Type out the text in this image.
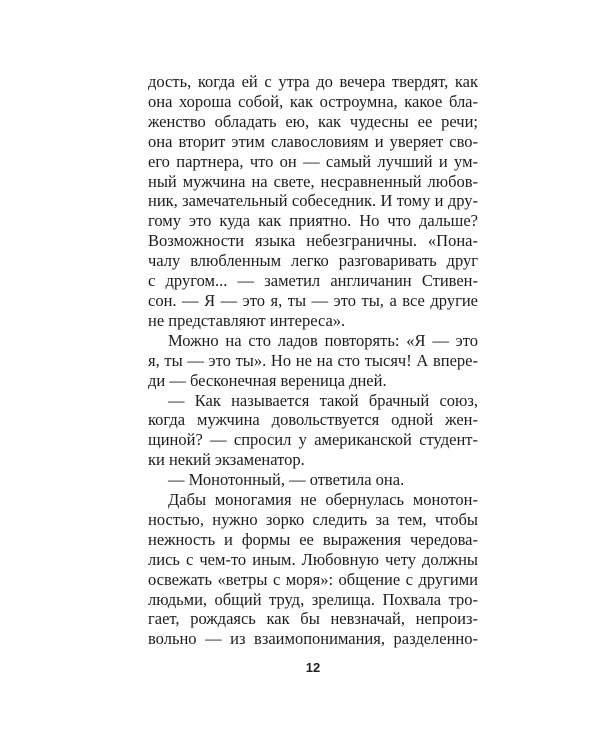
дость, когда ей с утра до вечера твердят, как
она хороша собой, как остроумна, какое бла-
женство обладать ею, как чудесны ее речи;
она вторит этим славословиям и уверяет сво-
его партнера, что он — самый лучший и ум-
ный мужчина на свете, несравненный любов-
ник, замечательный собеседник. И тому и дру-
гому это куда как приятно. Но что дальше?
Возможности языка небезграничны. «Пона-
чалу влюбленным легко разговаривать друг
с другом... — заметил англичанин Стивен-
сон. — Я — это я, ты — это ты, а все другие
не представляют интереса».
Можно на сто ладов повторять: «Я — это
я, ты — это ты». Но не на сто тысяч! А впере-
ди — бесконечная вереница дней.
— Как называется такой брачный союз,
когда мужчина довольствуется одной жен-
щиной? — спросил у американской студент-
ки некий экзаменатор.
— Монотонный, — ответила она.
Дабы моногамия не обернулась монотон-
ностью, нужно зорко следить за тем, чтобы
нежность и формы ее выражения чередова-
лись с чем-то иным. Любовную чету должны
освежать «ветры с моря»: общение с другими
людьми, общий труд, зрелища. Похвала тро-
гает, рождаясь как бы невзначай, непроиз-
вольно — из взаимопонимания, разделенно-
12
